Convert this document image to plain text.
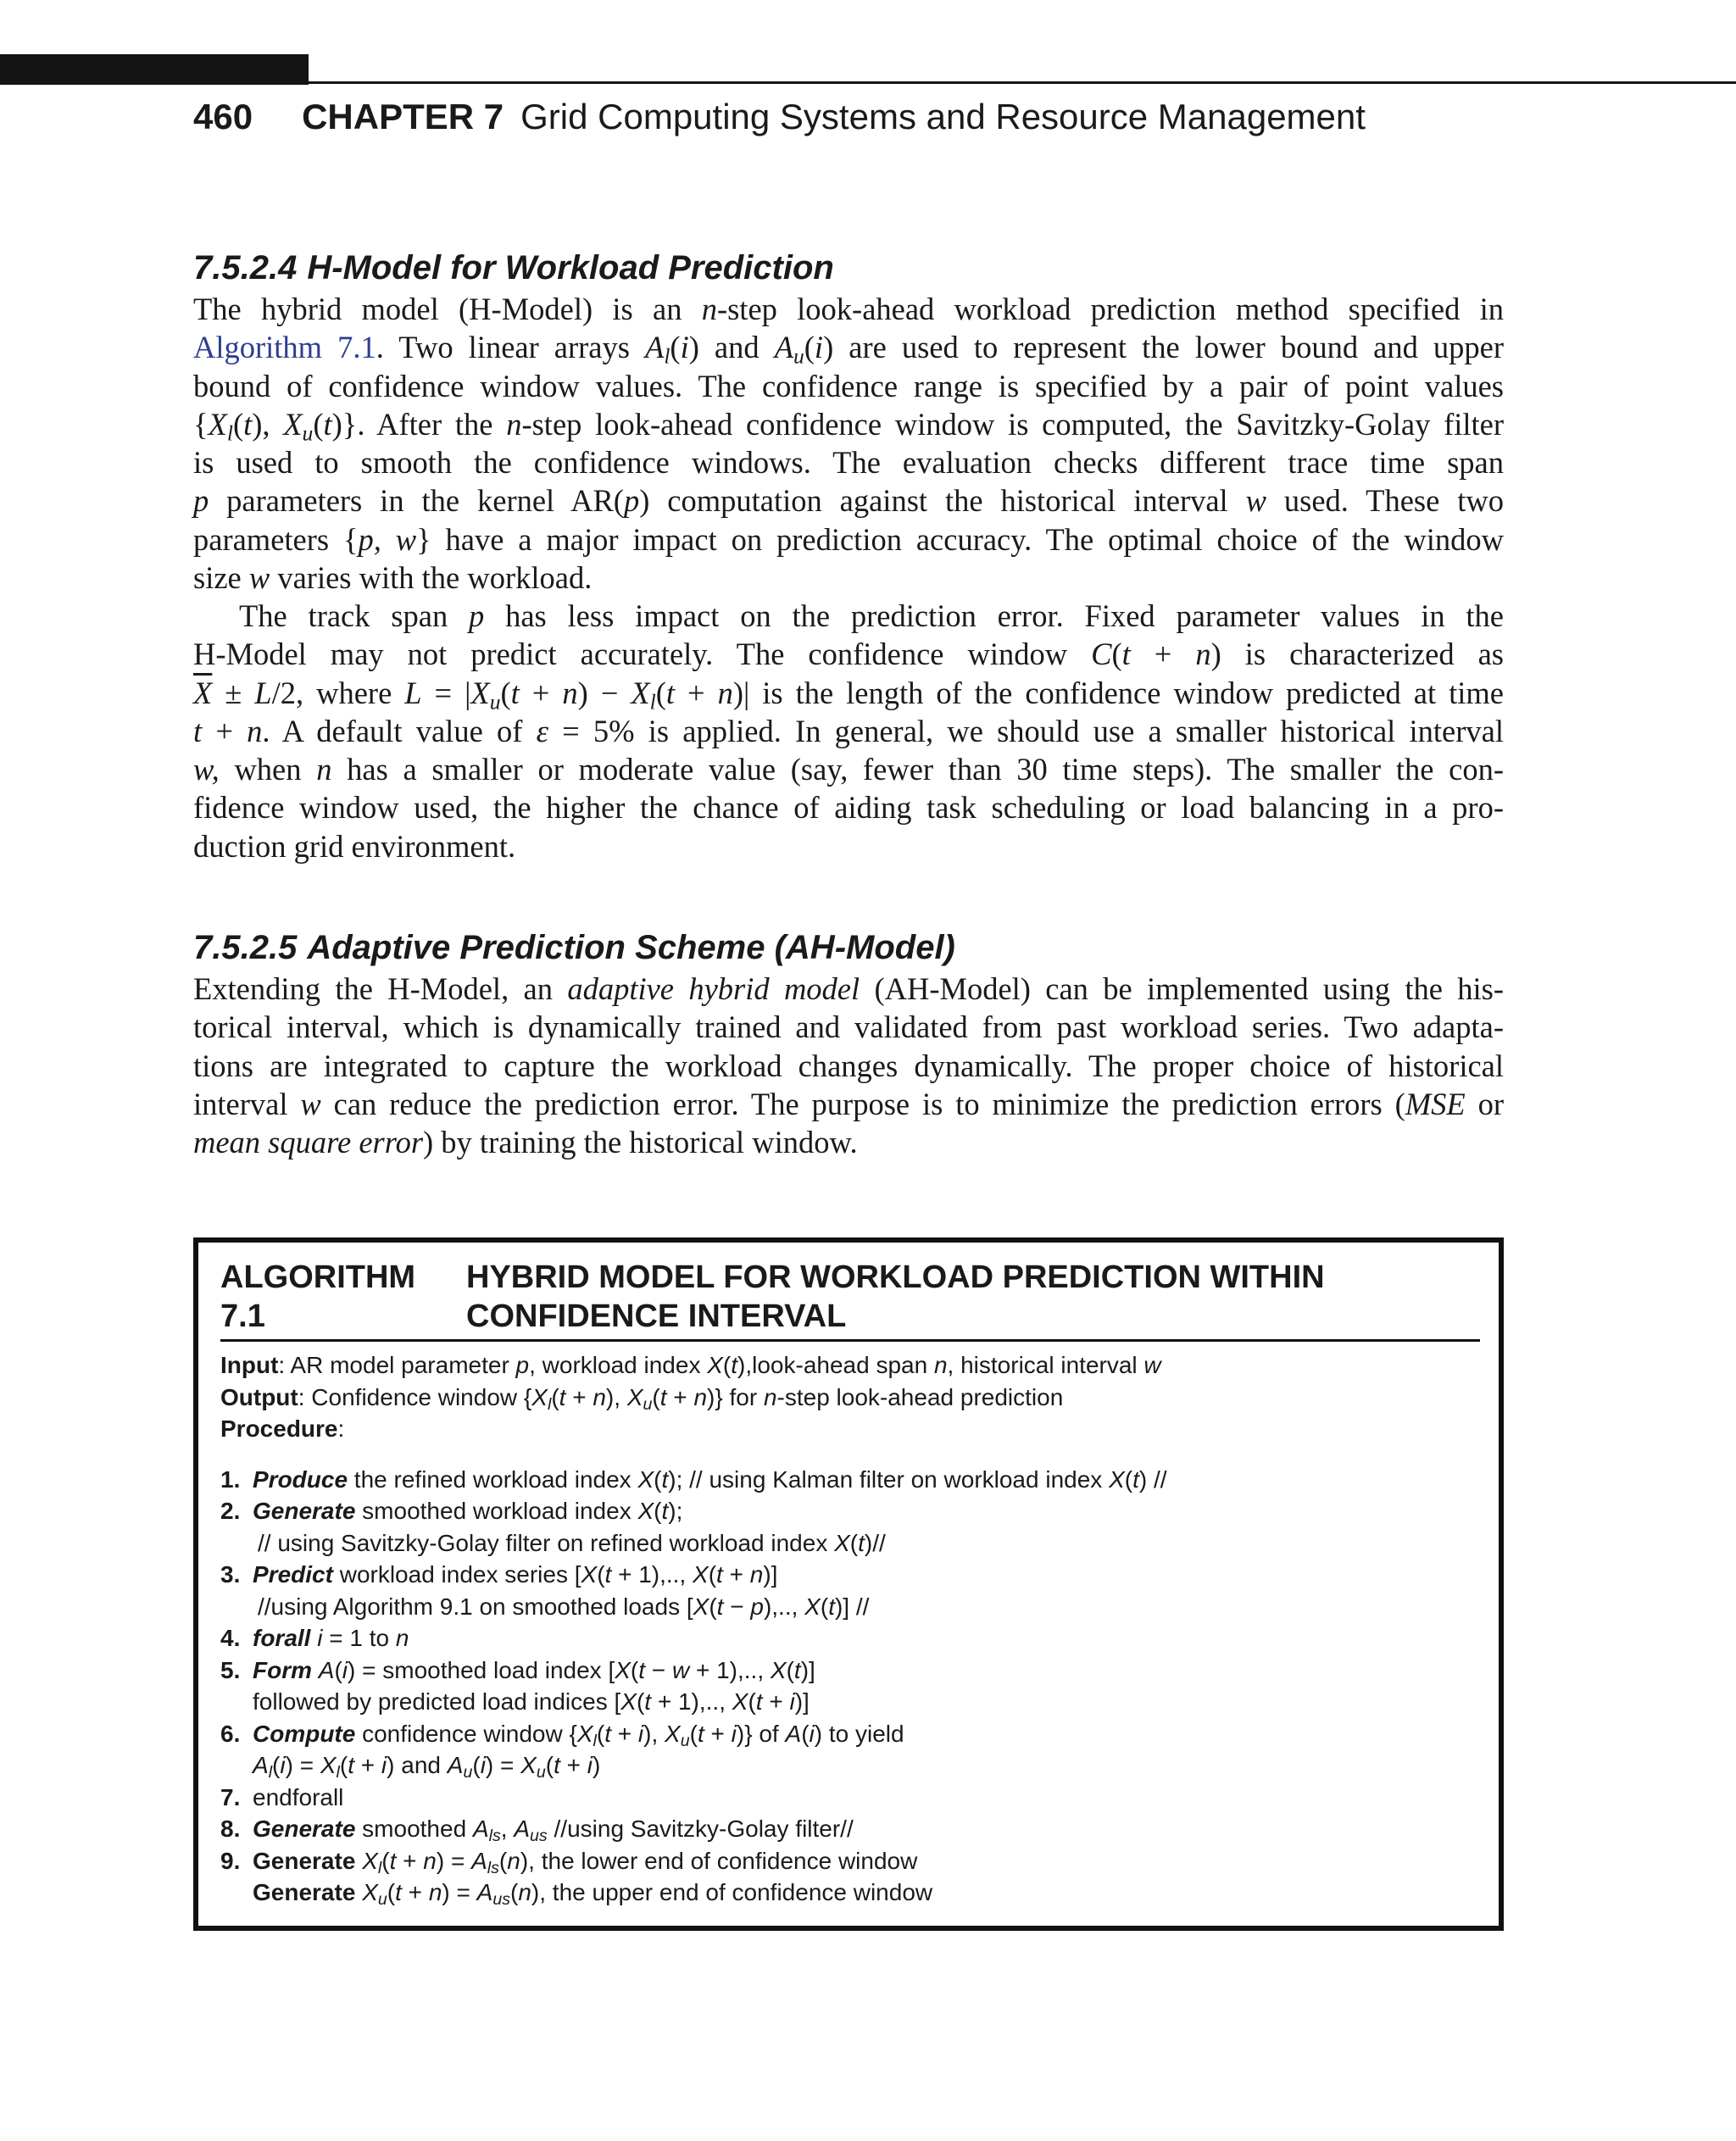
460 CHAPTER 7 Grid Computing Systems and Resource Management
7.5.2.4 H-Model for Workload Prediction
The hybrid model (H-Model) is an n-step look-ahead workload prediction method specified in
Algorithm 7.1. Two linear arrays $A_l(i)$ and $A_u(i)$ are used to represent the lower bound and upper
bound of confidence window values. The confidence range is specified by a pair of point values
{$X_l(t)$, $X_u(t)$}. After the n-step look-ahead confidence window is computed, the Savitzky-Golay filter
is used to smooth the confidence windows. The evaluation checks different trace time span
p parameters in the kernel AR(p) computation against the historical interval w used. These two
parameters {p, w} have a major impact on prediction accuracy. The optimal choice of the window
size w varies with the workload.
The track span p has less impact on the prediction error. Fixed parameter values in the
H-Model may not predict accurately. The confidence window C(t + n) is characterized as
$\overline{X} \pm L/2$, where $L = |X_u(t + n) - X_l(t + n)|$ is the length of the confidence window predicted at time
t + n. A default value of ε = 5% is applied. In general, we should use a smaller historical interval
w, when n has a smaller or moderate value (say, fewer than 30 time steps). The smaller the con-
fidence window used, the higher the chance of aiding task scheduling or load balancing in a pro-
duction grid environment.
7.5.2.5 Adaptive Prediction Scheme (AH-Model)
Extending the H-Model, an adaptive hybrid model (AH-Model) can be implemented using the his-
torical interval, which is dynamically trained and validated from past workload series. Two adapta-
tions are integrated to capture the workload changes dynamically. The proper choice of historical
interval w can reduce the prediction error. The purpose is to minimize the prediction errors (MSE or
mean square error) by training the historical window.
ALGORITHM 7.1HYBRID MODEL FOR WORKLOAD PREDICTION WITHIN CONFIDENCE INTERVAL
Input: AR model parameter p, workload index X(t),look-ahead span n, historical interval w
Output: Confidence window {$X_l(t + n)$, $X_u(t + n)$} for n-step look-ahead prediction
Procedure:
1. Produce the refined workload index X(t); // using Kalman filter on workload index X(t) //
2. Generate smoothed workload index X(t);
// using Savitzky-Golay filter on refined workload index X(t)//
3. Predict workload index series [X(t + 1),.., X(t + n)]
//using Algorithm 9.1 on smoothed loads [X(t − p),.., X(t)] //
4. forall i = 1 to n
5. Form A(i) = smoothed load index [X(t − w + 1),.., X(t)]
followed by predicted load indices [X(t + 1),.., X(t + i)]
6. Compute confidence window {$X_l(t + i)$, $X_u(t + i)$} of A(i) to yield
$A_l(i) = X_l(t + i)$ and $A_u(i) = X_u(t + i)$
7. endforall
8. Generate smoothed $A_{ls}$, $A_{us}$ //using Savitzky-Golay filter//
9. Generate $X_l(t + n) = A_{ls}(n)$, the lower end of confidence window
Generate $X_u(t + n) = A_{us}(n)$, the upper end of confidence window
